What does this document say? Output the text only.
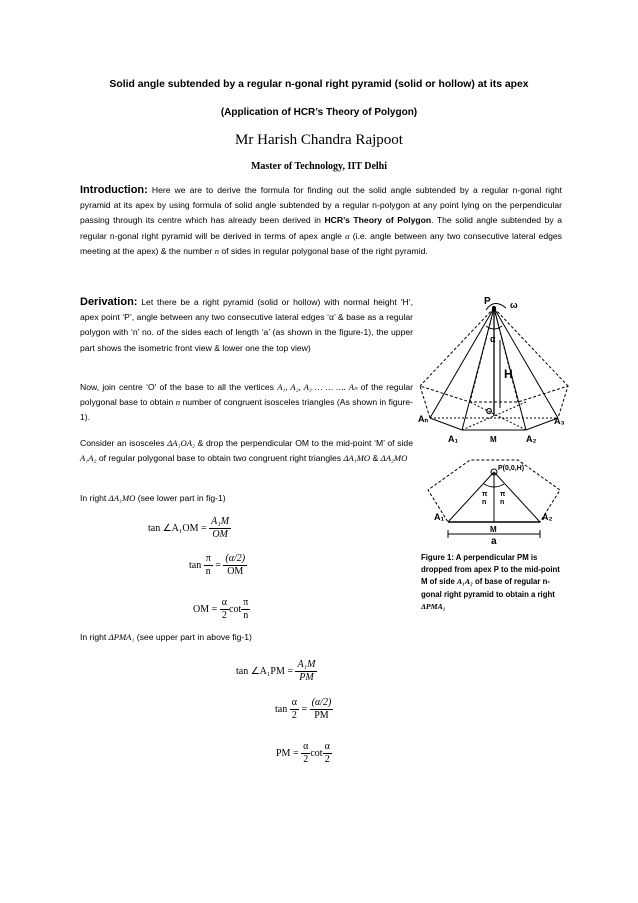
Solid angle subtended by a regular n-gonal right pyramid (solid or hollow) at its apex
(Application of HCR’s Theory of Polygon)
Mr Harish Chandra Rajpoot
Master of Technology, IIT Delhi
Introduction: Here we are to derive the formula for finding out the solid angle subtended by a regular n-gonal right pyramid at its apex by using formula of solid angle subtended by a regular n-polygon at any point lying on the perpendicular passing through its centre which has already been derived in HCR’s Theory of Polygon. The solid angle subtended by a regular n-gonal right pyramid will be derived in terms of apex angle α (i.e. angle between any two consecutive lateral edges meeting at the apex) & the number n of sides in regular polygonal base of the right pyramid.
Derivation: Let there be a right pyramid (solid or hollow) with normal height ‘H’, apex point ‘P’, angle between any two consecutive lateral edges ‘α’ & base as a regular polygon with ‘n’ no. of the sides each of length ‘a’ (as shown in the figure-1), the upper part shows the isometric front view & lower one the top view)
Now, join centre ‘O’ of the base to all the vertices A₁, A₂, A₃ … … …. Aₙ of the regular polygonal base to obtain n number of congruent isosceles triangles (As shown in figure-1).
Consider an isosceles ΔA₁OA₂ & drop the perpendicular OM to the mid-point ‘M’ of side A₁A₂ of regular polygonal base to obtain two congruent right triangles ΔA₁MO & ΔA₂MO
In right ΔA₁MO (see lower part in fig-1)
tan ∠A₁OM = $\frac{\text{A₁M}}{OM}$
$\tan \frac{\pi}{n} = \frac{(\alpha/2)}{OM}$
OM = $\frac{\alpha}{2}$ $\cot \frac{\pi}{n}$
In right ΔPMA₁ (see upper part in above fig-1)
tan ∠A₁PM = $\frac{\text{A₁M}}{PM}$
$\tan \frac{\alpha}{2} = \frac{(\alpha/2)}{PM}$
PM = $\frac{\alpha}{2}$ $\cot \frac{\alpha}{2}$
P ω
α
H
O
Aₙ
A₁	A₂
A₃
M
P(0,0,H)
π
n
π
n
A₁	A₂
M
a
Figure 1: A perpendicular PM is dropped from apex P to the mid-point M of side A₁A₂ of base of regular n-gonal right pyramid to obtain a right ΔPMA₁
